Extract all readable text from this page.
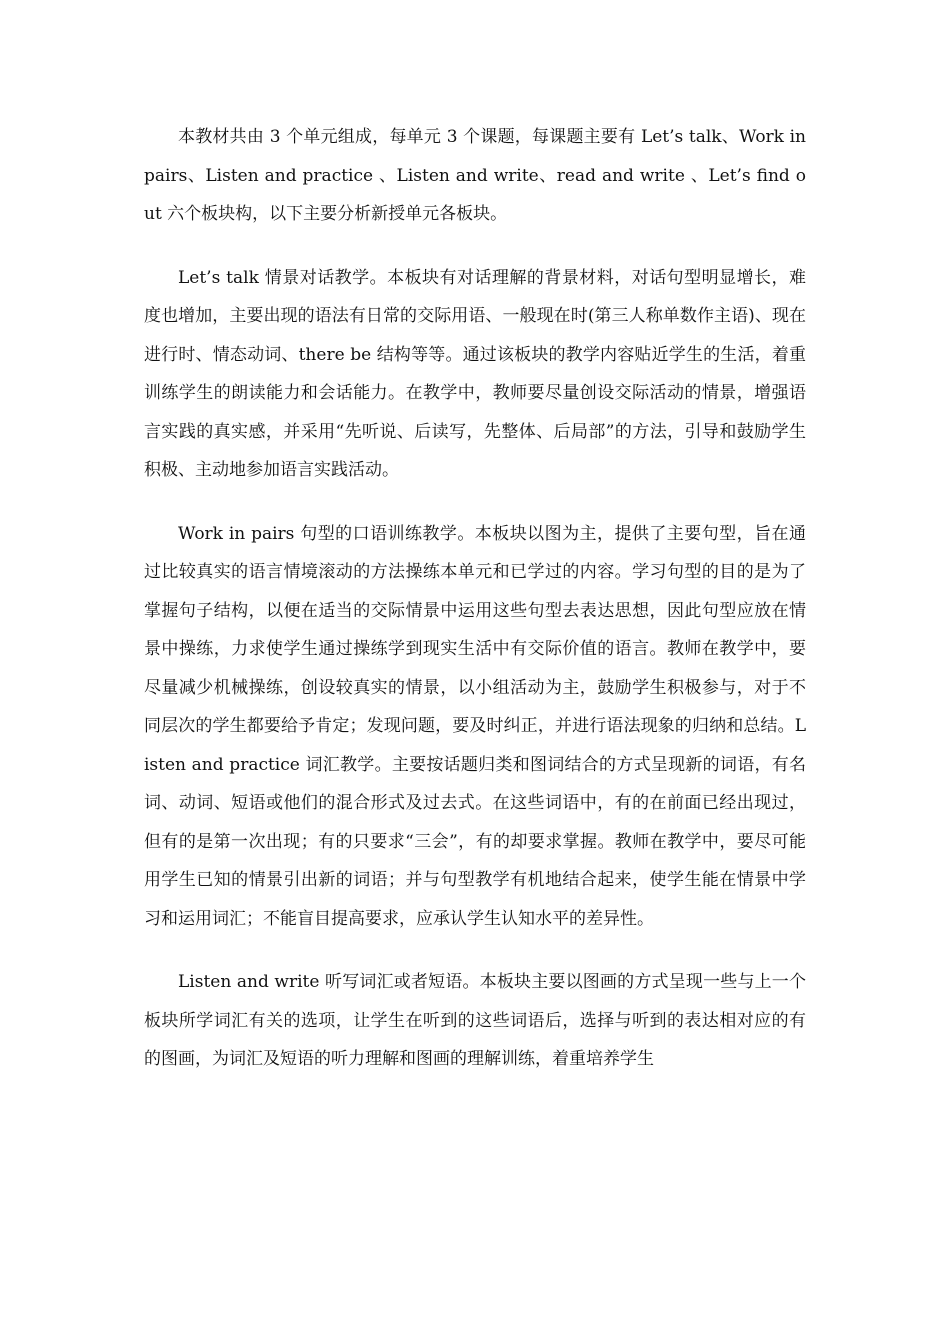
本教材共由 3 个单元组成，每单元 3 个课题，每课题主要有 Let’s talk、Work in pairs、Listen and practice 、Listen and write、read and write 、Let’s find out 六个板块构，以下主要分析新授单元各板块。

Let’s talk 情景对话教学。本板块有对话理解的背景材料，对话句型明显增长，难度也增加，主要出现的语法有日常的交际用语、一般现在时(第三人称单数作主语)、现在进行时、情态动词、there be 结构等等。通过该板块的教学内容贴近学生的生活，着重训练学生的朗读能力和会话能力。在教学中，教师要尽量创设交际活动的情景，增强语言实践的真实感，并采用“先听说、后读写，先整体、后局部”的方法，引导和鼓励学生积极、主动地参加语言实践活动。

Work in pairs 句型的口语训练教学。本板块以图为主，提供了主要句型，旨在通过比较真实的语言情境滚动的方法操练本单元和已学过的内容。学习句型的目的是为了掌握句子结构，以便在适当的交际情景中运用这些句型去表达思想，因此句型应放在情景中操练，力求使学生通过操练学到现实生活中有交际价值的语言。教师在教学中，要尽量减少机械操练，创设较真实的情景，以小组活动为主，鼓励学生积极参与，对于不同层次的学生都要给予肯定；发现问题，要及时纠正，并进行语法现象的归纳和总结。Listen and practice 词汇教学。主要按话题归类和图词结合的方式呈现新的词语，有名词、动词、短语或他们的混合形式及过去式。在这些词语中，有的在前面已经出现过，但有的是第一次出现；有的只要求“三会”，有的却要求掌握。教师在教学中，要尽可能用学生已知的情景引出新的词语；并与句型教学有机地结合起来，使学生能在情景中学习和运用词汇；不能盲目提高要求，应承认学生认知水平的差异性。

Listen and write 听写词汇或者短语。本板块主要以图画的方式呈现一些与上一个板块所学词汇有关的选项，让学生在听到的这些词语后，选择与听到的表达相对应的有的图画，为词汇及短语的听力理解和图画的理解训练，着重培养学生
